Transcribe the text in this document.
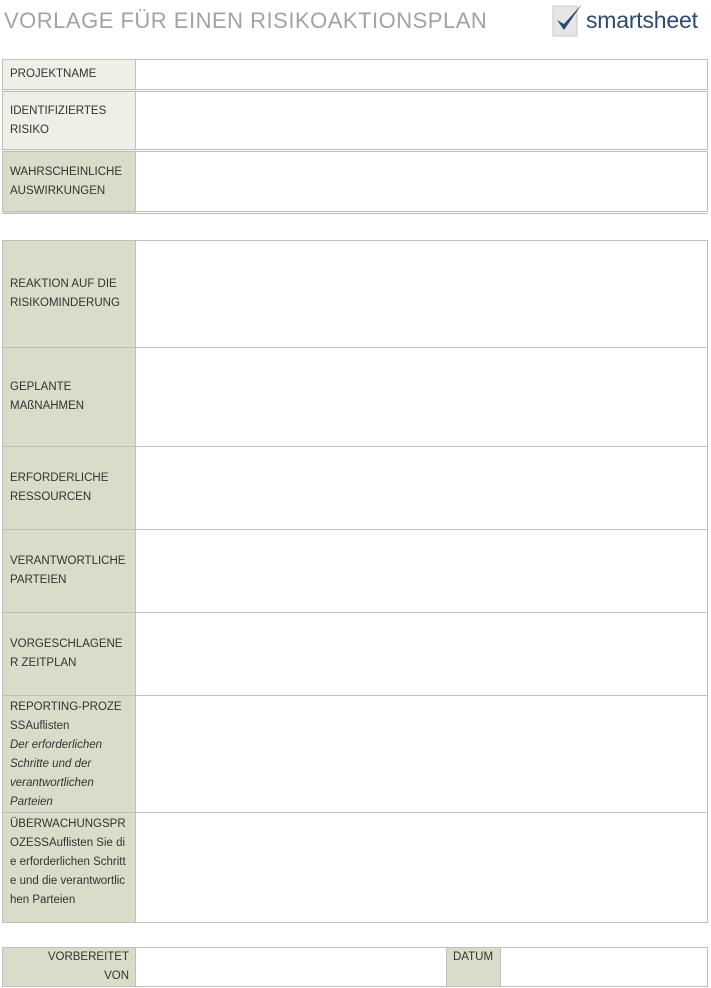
VORLAGE FÜR EINEN RISIKOAKTIONSPLAN	smartsheet
PROJEKTNAME	

IDENTIFIZIERTES RISIKO	

WAHRSCHEINLICHE AUSWIRKUNGEN	

REAKTION AUF DIE RISIKOMINDERUNG	

GEPLANTE MAßNAHMEN	

ERFORDERLICHE RESSOURCEN	

VERANTWORTLICHE PARTEIEN	

VORGESCHLAGENER ZEITPLAN	

REPORTING-PROZESSAuflisten
Der erforderlichen Schritte und der verantwortlichen Parteien	

ÜBERWACHUNGSPROZESSAuflisten Sie die erforderlichen Schritte und die verantwortlichen Parteien	

VORBEREITET VON		DATUM	
